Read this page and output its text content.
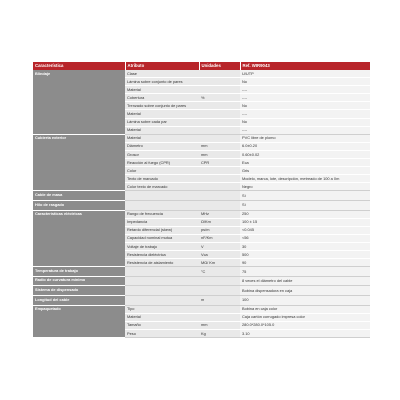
Característica	Atributo	Unidades	Ref. WIR9043
Blindaje	Clase		U/UTP
	Lámina sobre conjunto de pares		No
	Material		----
	Cobertura	%	----
	Trenzado sobre conjunto de pares		No
	Material		----
	Lámina sobre cada par		No
	Material		----
Cubierta exterior	Material		PVC libre de plomo
	Diámetro	mm	6.0±0.20
	Grosor	mm	0.60±0.02
	Reacción al fuego (CPR)	CPR	Eca
	Color		Gris
	Texto de marcado		Modelo, marca, lote, descripción, metreado de 100 a 0m
	Color texto de marcado		Negro
Cable de masa			Sí
Hilo de rasgado			Sí
Características eléctricas	Rango de frecuencia	MHz	250
	Impedancia	Ω/Km	100 ± 15
	Retardo diferencial (skew)	ps/m	<0.045
	Capacidad nominal mutua	nF/Km	<56
	Voltaje de trabajo	V	30
	Resistencia dieléctrica	Vca	500
	Resistencia de aislamiento	MΩ/ Km	90
Temperatura de trabajo		°C	75
Radio de curvatura mínimo			8 veces el diámetro del cable
Sistema de dispensado			Bobina dispensadora en caja
Longitud del cable		m	100
Empaquetado	Tipo		Bobina en caja color
	Material		Caja cartón corrugado impresa color
	Tamaño	mm	280.0*280.0*105.0
	Peso	Kg	3.10
